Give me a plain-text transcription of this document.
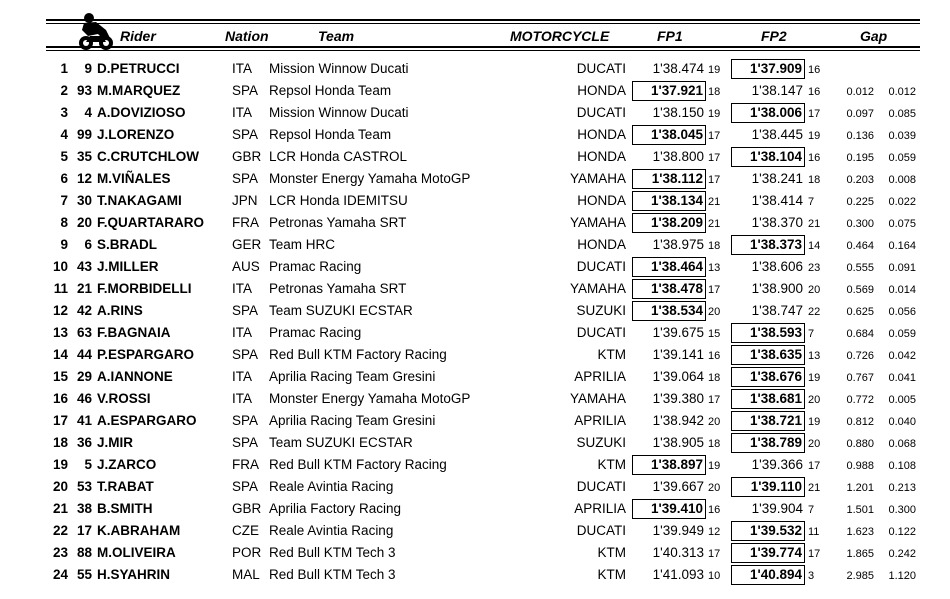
Rider	Nation	Team	MOTORCYCLE	FP1	FP2	Gap
1	9 D.PETRUCCI	ITA Mission Winnow Ducati	DUCATI	1'38.474 19	1'37.909 16
2 93 M.MARQUEZ	SPA Repsol Honda Team	HONDA	1'37.921 18	1'38.147 16	0.012	0.012
3	4 A.DOVIZIOSO	ITA Mission Winnow Ducati	DUCATI	1'38.150 19	1'38.006 17	0.097	0.085
4 99 J.LORENZO	SPA Repsol Honda Team	HONDA	1'38.045 17	1'38.445 19	0.136	0.039
5 35 C.CRUTCHLOW GBR LCR Honda CASTROL	HONDA	1'38.800 17	1'38.104 16	0.195	0.059
6 12 M.VIÑALES	SPA Monster Energy Yamaha MotoGP	YAMAHA	1'38.112 17	1'38.241 18	0.203	0.008
7 30 T.NAKAGAMI	JPN LCR Honda IDEMITSU	HONDA	1'38.134 21	1'38.414 7	0.225	0.022
8 20 F.QUARTARARO FRA Petronas Yamaha SRT	YAMAHA	1'38.209 21	1'38.370 21	0.300	0.075
9	6 S.BRADL	GER Team HRC	HONDA	1'38.975 18	1'38.373 14	0.464	0.164
10 43 J.MILLER	AUS Pramac Racing	DUCATI	1'38.464 13	1'38.606 23	0.555	0.091
11 21 F.MORBIDELLI	ITA Petronas Yamaha SRT	YAMAHA	1'38.478 17	1'38.900 20	0.569	0.014
12 42 A.RINS	SPA Team SUZUKI ECSTAR	SUZUKI	1'38.534 20	1'38.747 22	0.625	0.056
13 63 F.BAGNAIA	ITA Pramac Racing	DUCATI	1'39.675 15	1'38.593 7	0.684	0.059
14 44 P.ESPARGARO	SPA Red Bull KTM Factory Racing	KTM	1'39.141 16	1'38.635 13	0.726	0.042
15 29 A.IANNONE	ITA Aprilia Racing Team Gresini	APRILIA	1'39.064 18	1'38.676 19	0.767	0.041
16 46 V.ROSSI	ITA Monster Energy Yamaha MotoGP	YAMAHA	1'39.380 17	1'38.681 20	0.772	0.005
17 41 A.ESPARGARO	SPA Aprilia Racing Team Gresini	APRILIA	1'38.942 20	1'38.721 19	0.812	0.040
18 36 J.MIR	SPA Team SUZUKI ECSTAR	SUZUKI	1'38.905 18	1'38.789 20	0.880	0.068
19	5 J.ZARCO	FRA Red Bull KTM Factory Racing	KTM	1'38.897 19	1'39.366 17	0.988	0.108
20 53 T.RABAT	SPA Reale Avintia Racing	DUCATI	1'39.667 20	1'39.110 21	1.201	0.213
21 38 B.SMITH	GBR Aprilia Factory Racing	APRILIA	1'39.410 16	1'39.904 7	1.501	0.300
22 17 K.ABRAHAM	CZE Reale Avintia Racing	DUCATI	1'39.949 12	1'39.532 11	1.623	0.122
23 88 M.OLIVEIRA	POR Red Bull KTM Tech 3	KTM	1'40.313 17	1'39.774 17	1.865	0.242
24 55 H.SYAHRIN	MAL Red Bull KTM Tech 3	KTM	1'41.093 10	1'40.894 3	2.985	1.120
